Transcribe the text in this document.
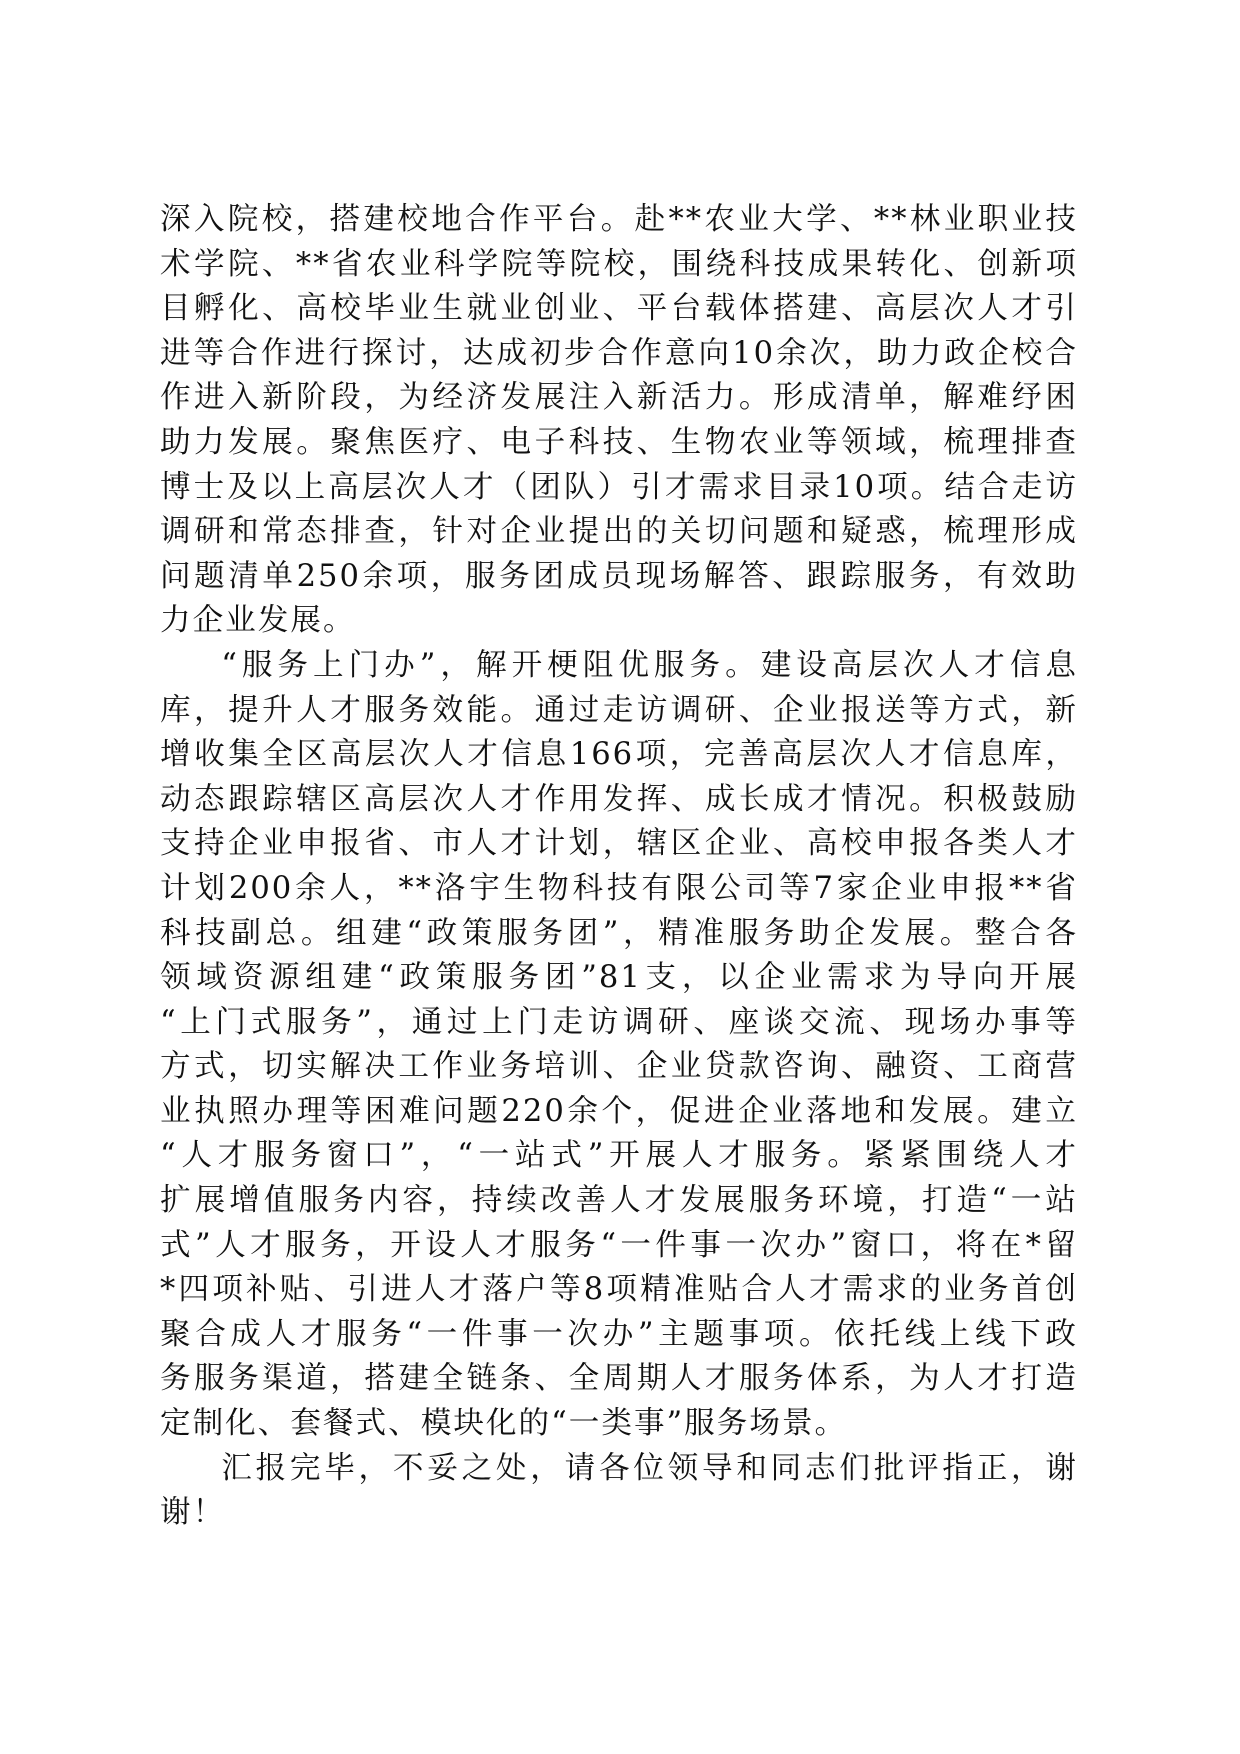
深入院校，搭建校地合作平台。赴**农业大学、**林业职业技
术学院、**省农业科学院等院校，围绕科技成果转化、创新项
目孵化、高校毕业生就业创业、平台载体搭建、高层次人才引
进等合作进行探讨，达成初步合作意向10余次，助力政企校合
作进入新阶段，为经济发展注入新活力。形成清单，解难纾困
助力发展。聚焦医疗、电子科技、生物农业等领域，梳理排查
博士及以上高层次人才（团队）引才需求目录10项。结合走访
调研和常态排查，针对企业提出的关切问题和疑惑，梳理形成
问题清单250余项，服务团成员现场解答、跟踪服务，有效助
力企业发展。
“服务上门办”，解开梗阻优服务。建设高层次人才信息
库，提升人才服务效能。通过走访调研、企业报送等方式，新
增收集全区高层次人才信息166项，完善高层次人才信息库，
动态跟踪辖区高层次人才作用发挥、成长成才情况。积极鼓励
支持企业申报省、市人才计划，辖区企业、高校申报各类人才
计划200余人，**洛宇生物科技有限公司等7家企业申报**省
科技副总。组建“政策服务团”，精准服务助企发展。整合各
领域资源组建“政策服务团”81支，以企业需求为导向开展
“上门式服务”，通过上门走访调研、座谈交流、现场办事等
方式，切实解决工作业务培训、企业贷款咨询、融资、工商营
业执照办理等困难问题220余个，促进企业落地和发展。建立
“人才服务窗口”，“一站式”开展人才服务。紧紧围绕人才
扩展增值服务内容，持续改善人才发展服务环境，打造“一站
式”人才服务，开设人才服务“一件事一次办”窗口，将在*留
*四项补贴、引进人才落户等8项精准贴合人才需求的业务首创
聚合成人才服务“一件事一次办”主题事项。依托线上线下政
务服务渠道，搭建全链条、全周期人才服务体系，为人才打造
定制化、套餐式、模块化的“一类事”服务场景。
汇报完毕，不妥之处，请各位领导和同志们批评指正，谢
谢！
